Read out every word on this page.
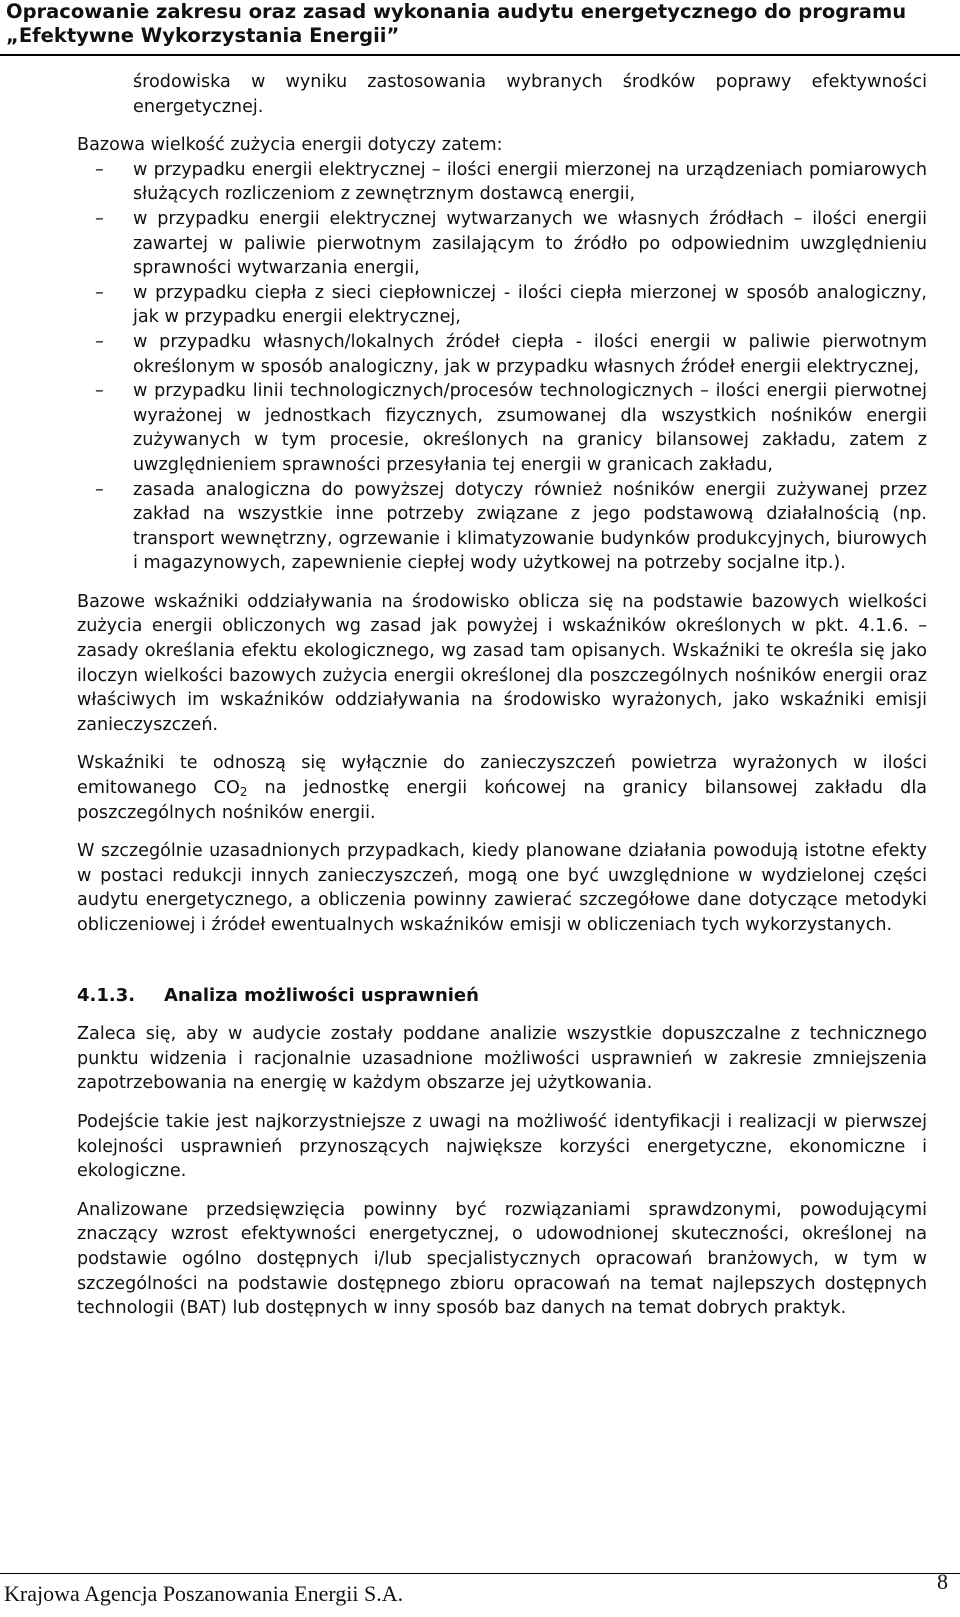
Opracowanie zakresu oraz zasad wykonania audytu energetycznego do programu
„Efektywne Wykorzystania Energii”

środowiska w wyniku zastosowania wybranych środków poprawy efektywności energetycznej.

Bazowa wielkość zużycia energii dotyczy zatem:

– w przypadku energii elektrycznej – ilości energii mierzonej na urządzeniach pomiarowych służących rozliczeniom z zewnętrznym dostawcą energii,
– w przypadku energii elektrycznej wytwarzanych we własnych źródłach – ilości energii zawartej w paliwie pierwotnym zasilającym to źródło po odpowiednim uwzględnieniu sprawności wytwarzania energii,
– w przypadku ciepła z sieci ciepłowniczej - ilości ciepła mierzonej w sposób analogiczny, jak w przypadku energii elektrycznej,
– w przypadku własnych/lokalnych źródeł ciepła - ilości energii w paliwie pierwotnym określonym w sposób analogiczny, jak w przypadku własnych źródeł energii elektrycznej,
– w przypadku linii technologicznych/procesów technologicznych – ilości energii pierwotnej wyrażonej w jednostkach fizycznych, zsumowanej dla wszystkich nośników energii zużywanych w tym procesie, określonych na granicy bilansowej zakładu, zatem z uwzględnieniem sprawności przesyłania tej energii w granicach zakładu,
– zasada analogiczna do powyższej dotyczy również nośników energii zużywanej przez zakład na wszystkie inne potrzeby związane z jego podstawową działalnością (np. transport wewnętrzny, ogrzewanie i klimatyzowanie budynków produkcyjnych, biurowych i magazynowych, zapewnienie ciepłej wody użytkowej na potrzeby socjalne itp.).

Bazowe wskaźniki oddziaływania na środowisko oblicza się na podstawie bazowych wielkości zużycia energii obliczonych wg zasad jak powyżej i wskaźników określonych w pkt. 4.1.6. – zasady określania efektu ekologicznego, wg zasad tam opisanych. Wskaźniki te określa się jako iloczyn wielkości bazowych zużycia energii określonej dla poszczególnych nośników energii oraz właściwych im wskaźników oddziaływania na środowisko wyrażonych, jako wskaźniki emisji zanieczyszczeń.

Wskaźniki te odnoszą się wyłącznie do zanieczyszczeń powietrza wyrażonych w ilości emitowanego $CO_2$ na jednostkę energii końcowej na granicy bilansowej zakładu dla poszczególnych nośników energii.

W szczególnie uzasadnionych przypadkach, kiedy planowane działania powodują istotne efekty w postaci redukcji innych zanieczyszczeń, mogą one być uwzględnione w wydzielonej części audytu energetycznego, a obliczenia powinny zawierać szczegółowe dane dotyczące metodyki obliczeniowej i źródeł ewentualnych wskaźników emisji w obliczeniach tych wykorzystanych.

4.1.3.	Analiza możliwości usprawnień

Zaleca się, aby w audycie zostały poddane analizie wszystkie dopuszczalne z technicznego punktu widzenia i racjonalnie uzasadnione możliwości usprawnień w zakresie zmniejszenia zapotrzebowania na energię w każdym obszarze jej użytkowania.

Podejście takie jest najkorzystniejsze z uwagi na możliwość identyfikacji i realizacji w pierwszej kolejności usprawnień przynoszących największe korzyści energetyczne, ekonomiczne i ekologiczne.

Analizowane przedsięwzięcia powinny być rozwiązaniami sprawdzonymi, powodującymi znaczący wzrost efektywności energetycznej, o udowodnionej skuteczności, określonej na podstawie ogólno dostępnych i/lub specjalistycznych opracowań branżowych, w tym w szczególności na podstawie dostępnego zbioru opracowań na temat najlepszych dostępnych technologii (BAT) lub dostępnych w inny sposób baz danych na temat dobrych praktyk.

Krajowa Agencja Poszanowania Energii S.A.	8
